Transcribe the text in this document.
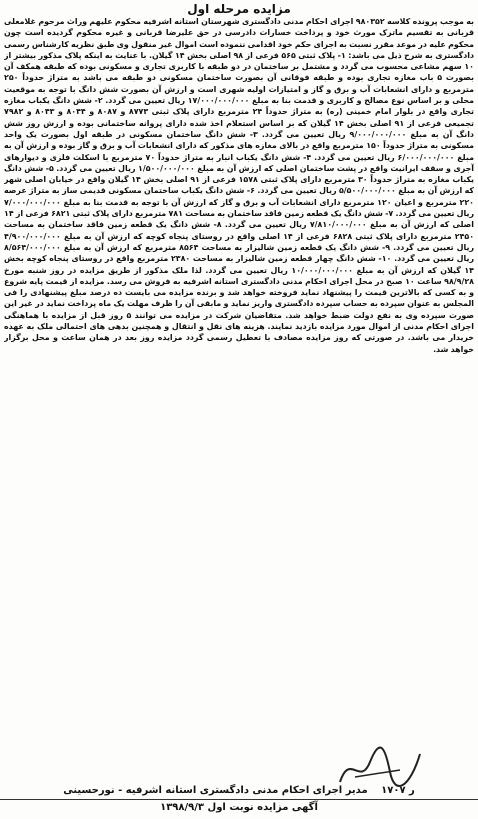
مزایده مرحله اول
به موجب پرونده کلاسه ۹۸۰۳۵۲ اجرای احکام مدنی دادگستری شهرستان استانه اشرفیه محکوم علیهم وراث مرحوم غلامعلی قربانی به تقسیم ماترک مورث خود و پرداخت خسارات دادرسی در حق علیرضا قربانی و غیره محکوم گردیده است چون محکوم علیه در موعد مقرر نسبت به اجرای حکم خود اقدامی ننموده است اموال غیر منقول وی طبق نظریه کارشناس رسمی دادگستری به شرح ذیل می باشد: ۱- پلاک ثبتی ۵۶۵ فرعی از ۹۸ اصلی بخش ۱۴ گیلان. با عنایت به اینکه پلاک مذکور بیشتر از ۱۰ سهم مشاعی محسوب می گردد و مشتمل بر ساختمان در دو طبقه با کاربری تجاری و مسکونی بوده که طبقه همکف آن بصورت ۵ باب مغازه تجاری بوده و طبقه فوقانی آن بصورت ساختمان مسکونی دو طبقه می باشد به متراژ حدوداً ۲۵۰ مترمربع و دارای انشعابات آب و برق و گاز و امتیازات اولیه شهری است و ارزش آن بصورت شش دانگ با توجه به موقعیت محلی و بر اساس نوع مصالح و کاربری و قدمت بنا به مبلغ ۱۷/۰۰۰/۰۰۰/۰۰۰ ریال تعیین می گردد. ۲- شش دانگ یکباب مغازه تجاری واقع در بلوار امام خمینی (ره) به متراژ حدوداً ۲۴ مترمربع دارای پلاک ثبتی ۸۷۷۳ و ۸۰۸۷ و ۸۰۴۴ و ۸۰۴۳ و ۷۹۸۲ تجمیعی فرعی از ۹۱ اصلی بخش ۱۴ گیلان که بر اساس استعلام اخذ شده دارای پروانه ساختمانی بوده و ارزش روز شش دانگ آن به مبلغ ۹/۰۰۰/۰۰۰/۰۰۰ ریال تعیین می گردد. ۳- شش دانگ ساختمان مسکونی در طبقه اول بصورت یک واحد مسکونی به متراژ حدوداً ۱۵۰ مترمربع واقع در بالای مغازه های مذکور که دارای انشعابات آب و برق و گاز بوده و ارزش آن به مبلغ ۶/۰۰۰/۰۰۰/۰۰۰ ریال تعیین می گردد. ۴- شش دانگ یکباب انبار به متراژ حدوداً ۷۰ مترمربع با اسکلت فلزی و دیوارهای آجری و سقف ایرانیت واقع در پشت ساختمان اصلی که ارزش آن به مبلغ ۱/۵۰۰/۰۰۰/۰۰۰ ریال تعیین می گردد. ۵- شش دانگ یکباب مغازه به متراژ حدوداً ۳۰ مترمربع دارای پلاک ثبتی ۱۵۷۸ فرعی از ۹۱ اصلی بخش ۱۴ گیلان واقع در خیابان اصلی شهر که ارزش آن به مبلغ ۵/۵۰۰/۰۰۰/۰۰۰ ریال تعیین می گردد. ۶- شش دانگ یکباب ساختمان مسکونی قدیمی ساز به متراژ عرصه ۲۲۰ مترمربع و اعیان ۱۲۰ مترمربع دارای انشعابات آب و برق و گاز که ارزش آن با توجه به قدمت بنا به مبلغ ۷/۰۰۰/۰۰۰/۰۰۰ ریال تعیین می گردد. ۷- شش دانگ یک قطعه زمین فاقد ساختمان به مساحت ۷۸۱ مترمربع دارای پلاک ثبتی ۶۸۲۱ فرعی از ۱۴ اصلی که ارزش آن به مبلغ ۷/۸۱۰/۰۰۰/۰۰۰ ریال تعیین می گردد. ۸- شش دانگ یک قطعه زمین فاقد ساختمان به مساحت ۲۴۵۰ مترمربع دارای پلاک ثبتی ۶۸۲۸ فرعی از ۱۴ اصلی واقع در روستای پنجاه کوچه که ارزش آن به مبلغ ۴/۹۰۰/۰۰۰/۰۰۰ ریال تعیین می گردد. ۹- شش دانگ یک قطعه زمین شالیزار به مساحت ۸۵۶۴ مترمربع که ارزش آن به مبلغ ۸/۵۶۴/۰۰۰/۰۰۰ ریال تعیین می گردد. ۱۰- شش دانگ چهار قطعه زمین شالیزار به مساحت ۲۳۸۰ مترمربع واقع در روستای پنجاه کوچه بخش ۱۴ گیلان که ارزش آن به مبلغ ۱۰/۰۰۰/۰۰۰/۰۰۰ ریال تعیین می گردد. لذا ملک مذکور از طریق مزایده در روز شنبه مورخ ۹۸/۹/۲۸ ساعت ۱۰ صبح در محل اجرای احکام مدنی دادگستری استانه اشرفیه به فروش می رسد. مزایده از قیمت پایه شروع و به کسی که بالاترین قیمت را پیشنهاد نماید فروخته خواهد شد و برنده مزایده می بایست ده درصد مبلغ پیشنهادی را فی المجلس به عنوان سپرده به حساب سپرده دادگستری واریز نماید و مابقی آن را ظرف مهلت یک ماه پرداخت نماید در غیر این صورت سپرده وی به نفع دولت ضبط خواهد شد. متقاضیان شرکت در مزایده می توانند ۵ روز قبل از مزایده با هماهنگی اجرای احکام مدنی از اموال مورد مزایده بازدید نمایند. هزینه های نقل و انتقال و همچنین بدهی های احتمالی ملک به عهده خریدار می باشد. در صورتی که روز مزایده مصادف با تعطیل رسمی گردد مزایده روز بعد در همان ساعت و محل برگزار خواهد شد.
ر ۱۷۰۷ مدیر اجرای احکام مدنی دادگستری استانه اشرفیه - نورحسینی
آگهی مزایده نوبت اول ۱۳۹۸/۹/۳
